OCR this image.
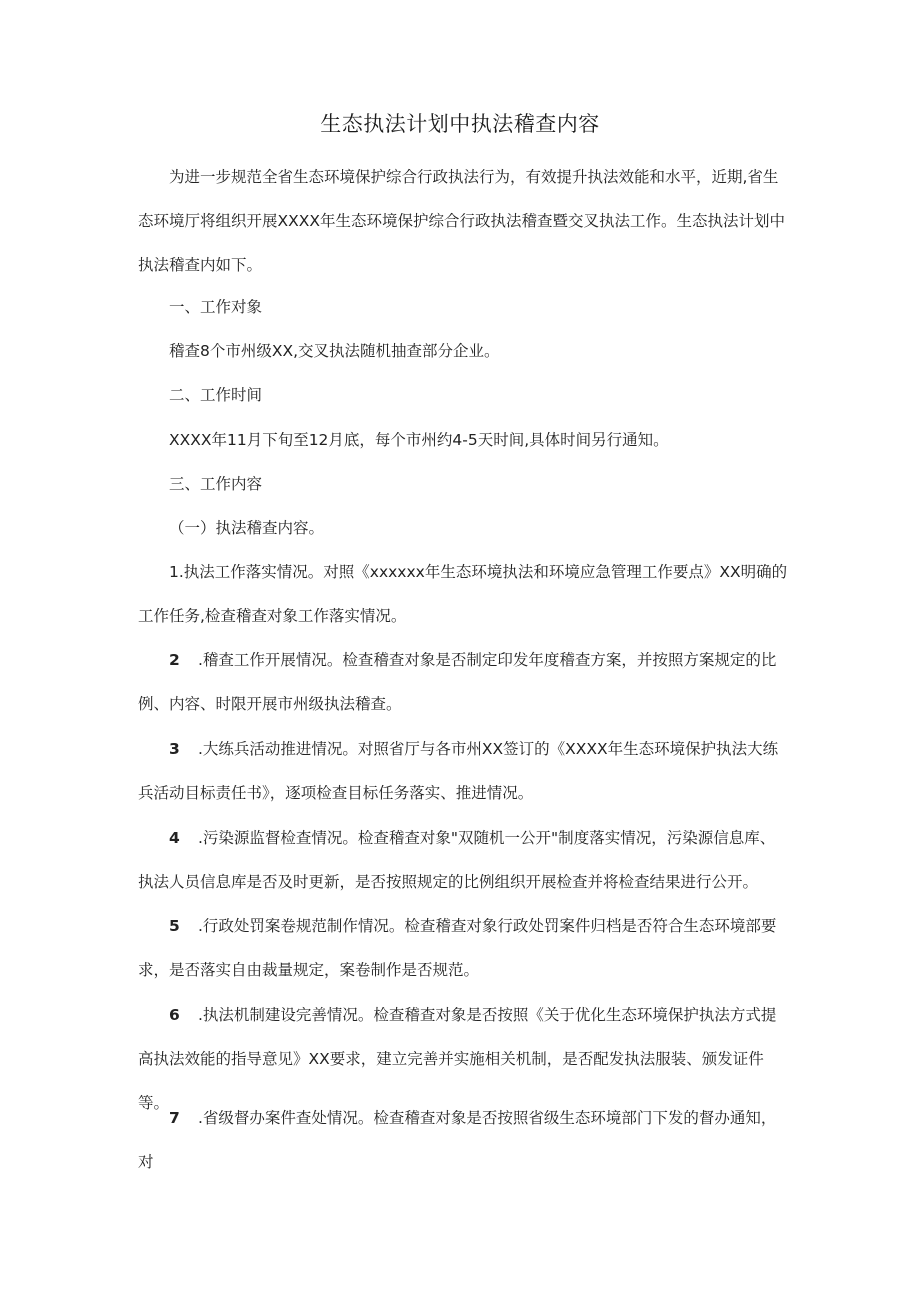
生态执法计划中执法稽查内容

为进一步规范全省生态环境保护综合行政执法行为，有效提升执法效能和水平，近期,省生态环境厅将组织开展XXXX年生态环境保护综合行政执法稽查暨交叉执法工作。生态执法计划中执法稽查内如下。

一、工作对象
稽查8个市州级XX,交叉执法随机抽查部分企业。
二、工作时间
XXXX年11月下旬至12月底，每个市州约4-5天时间,具体时间另行通知。
三、工作内容
（一）执法稽查内容。

1.执法工作落实情况。对照《xxxxxx年生态环境执法和环境应急管理工作要点》XX明确的工作任务,检查稽查对象工作落实情况。

2 .稽查工作开展情况。检查稽查对象是否制定印发年度稽查方案，并按照方案规定的比例、内容、时限开展市州级执法稽查。

3 .大练兵活动推进情况。对照省厅与各市州XX签订的《XXXX年生态环境保护执法大练兵活动目标责任书》，逐项检查目标任务落实、推进情况。

4 .污染源监督检查情况。检查稽查对象"双随机一公开"制度落实情况，污染源信息库、执法人员信息库是否及时更新，是否按照规定的比例组织开展检查并将检查结果进行公开。

5 .行政处罚案卷规范制作情况。检查稽查对象行政处罚案件归档是否符合生态环境部要求，是否落实自由裁量规定，案卷制作是否规范。

6 .执法机制建设完善情况。检查稽查对象是否按照《关于优化生态环境保护执法方式提高执法效能的指导意见》XX要求，建立完善并实施相关机制，是否配发执法服装、颁发证件等。

7 .省级督办案件查处情况。检查稽查对象是否按照省级生态环境部门下发的督办通知，对
